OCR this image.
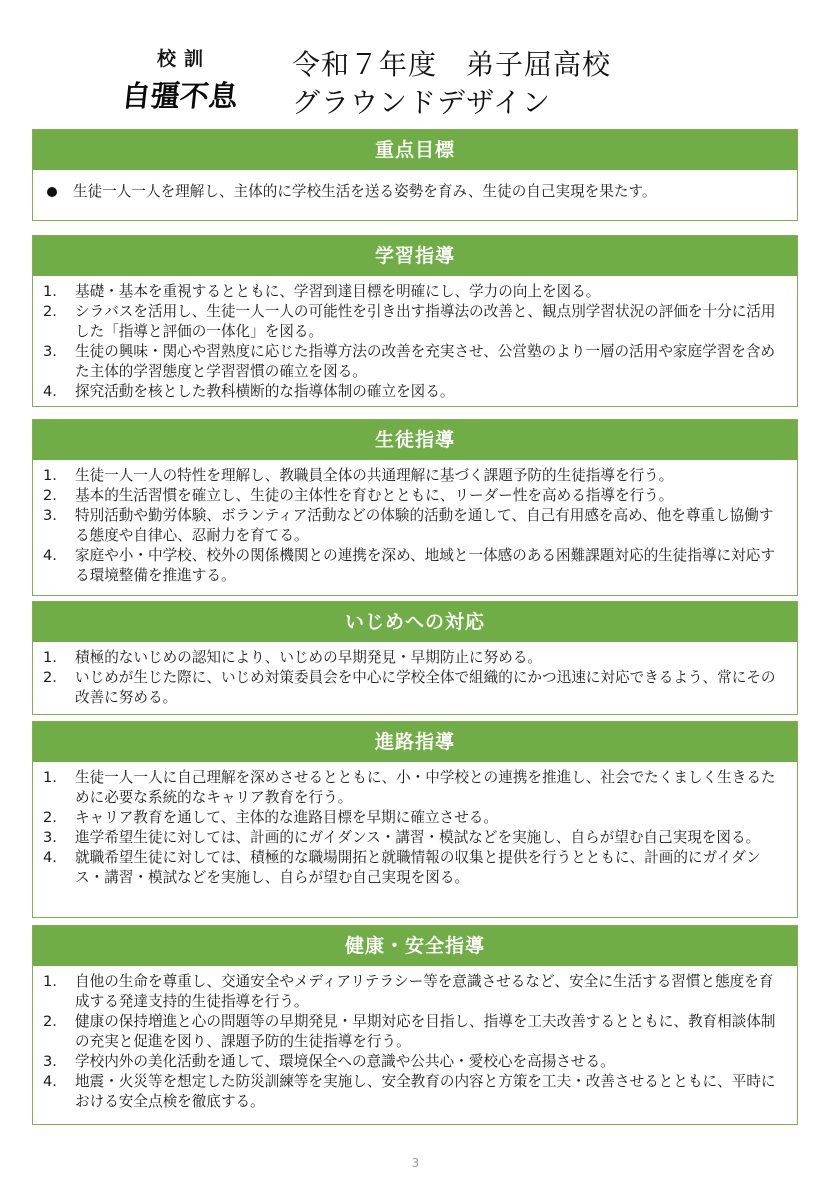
校訓
自彊不息
令和７年度　弟子屈高校
グラウンドデザイン
重点目標
生徒一人一人を理解し、主体的に学校生活を送る姿勢を育み、生徒の自己実現を果たす。
学習指導
1.	基礎・基本を重視するとともに、学習到達目標を明確にし、学力の向上を図る。
2.	シラバスを活用し、生徒一人一人の可能性を引き出す指導法の改善と、観点別学習状況の評価を十分に活用した「指導と評価の一体化」を図る。
3.	生徒の興味・関心や習熟度に応じた指導方法の改善を充実させ、公営塾のより一層の活用や家庭学習を含めた主体的学習態度と学習習慣の確立を図る。
4.	探究活動を核とした教科横断的な指導体制の確立を図る。
生徒指導
1.	生徒一人一人の特性を理解し、教職員全体の共通理解に基づく課題予防的生徒指導を行う。
2.	基本的生活習慣を確立し、生徒の主体性を育むとともに、リーダー性を高める指導を行う。
3.	特別活動や勤労体験、ボランティア活動などの体験的活動を通して、自己有用感を高め、他を尊重し協働する態度や自律心、忍耐力を育てる。
4.	家庭や小・中学校、校外の関係機関との連携を深め、地域と一体感のある困難課題対応的生徒指導に対応する環境整備を推進する。
いじめへの対応
1.	積極的ないじめの認知により、いじめの早期発見・早期防止に努める。
2.	いじめが生じた際に、いじめ対策委員会を中心に学校全体で組織的にかつ迅速に対応できるよう、常にその改善に努める。
進路指導
1.	生徒一人一人に自己理解を深めさせるとともに、小・中学校との連携を推進し、社会でたくましく生きるために必要な系統的なキャリア教育を行う。
2.	キャリア教育を通して、主体的な進路目標を早期に確立させる。
3.	進学希望生徒に対しては、計画的にガイダンス・講習・模試などを実施し、自らが望む自己実現を図る。
4.	就職希望生徒に対しては、積極的な職場開拓と就職情報の収集と提供を行うとともに、計画的にガイダンス・講習・模試などを実施し、自らが望む自己実現を図る。
健康・安全指導
1.	自他の生命を尊重し、交通安全やメディアリテラシー等を意識させるなど、安全に生活する習慣と態度を育成する発達支持的生徒指導を行う。
2.	健康の保持増進と心の問題等の早期発見・早期対応を目指し、指導を工夫改善するとともに、教育相談体制の充実と促進を図り、課題予防的生徒指導を行う。
3.	学校内外の美化活動を通して、環境保全への意識や公共心・愛校心を高揚させる。
4.	地震・火災等を想定した防災訓練等を実施し、安全教育の内容と方策を工夫・改善させるとともに、平時における安全点検を徹底する。
3
